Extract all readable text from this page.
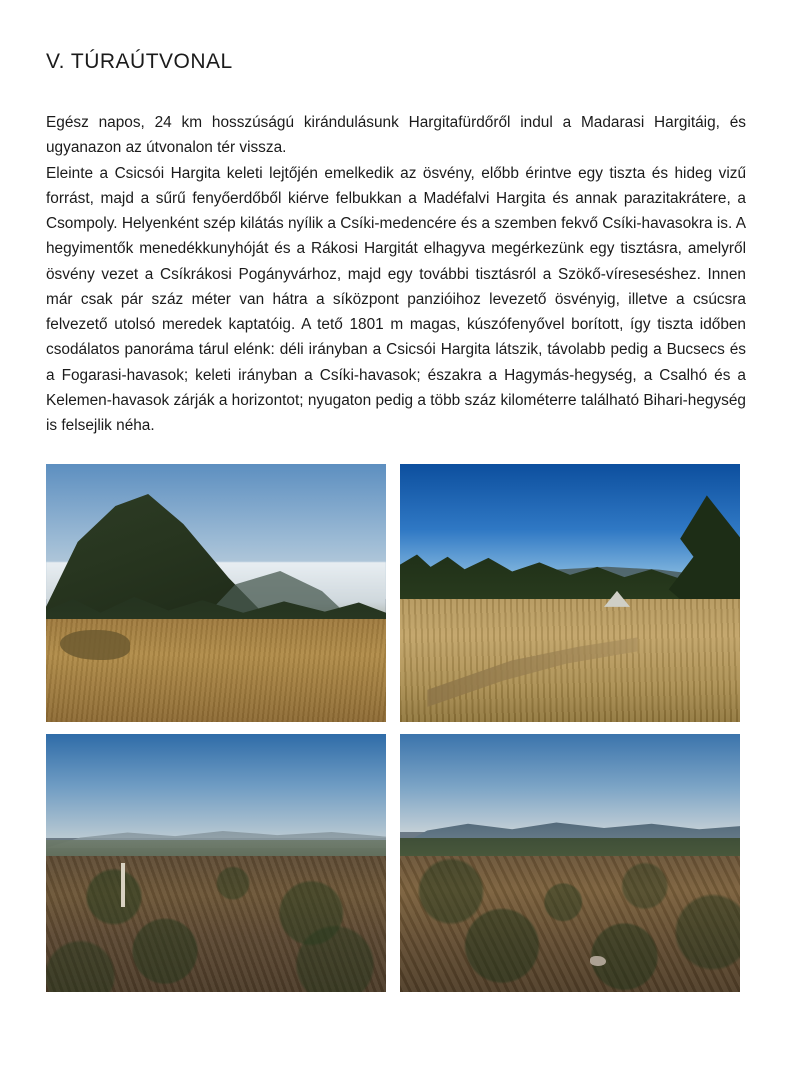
V. TÚRAÚTVONAL

Egész napos, 24 km hosszúságú kirándulásunk Hargitafürdőről indul a Madarasi Hargitáig, és ugyanazon az útvonalon tér vissza.

Eleinte a Csicsói Hargita keleti lejtőjén emelkedik az ösvény, előbb érintve egy tiszta és hideg vizű forrást, majd a sűrű fenyőerdőből kiérve felbukkan a Madéfalvi Hargita és annak parazitakrátere, a Csompoly. Helyenként szép kilátás nyílik a Csíki-medencére és a szemben fekvő Csíki-havasokra is. A hegyimentők menedékkunyhóját és a Rákosi Hargitát elhagyva megérkezünk egy tisztásra, amelyről ösvény vezet a Csíkrákosi Pogányvárhoz, majd egy további tisztásról a Szökő-víreseséshez. Innen már csak pár száz méter van hátra a síközpont panzióihoz levezető ösvényig, illetve a csúcsra felvezető utolsó meredek kaptatóig. A tető 1801 m magas, kúszófenyővel borított, így tiszta időben csodálatos panoráma tárul elénk: déli irányban a Csicsói Hargita látszik, távolabb pedig a Bucsecs és a Fogarasi-havasok; keleti irányban a Csíki-havasok; északra a Hagymás-hegység, a Csalhó és a Kelemen-havasok zárják a horizontot; nyugaton pedig a több száz kilométerre található Bihari-hegység is felsejlik néha.
